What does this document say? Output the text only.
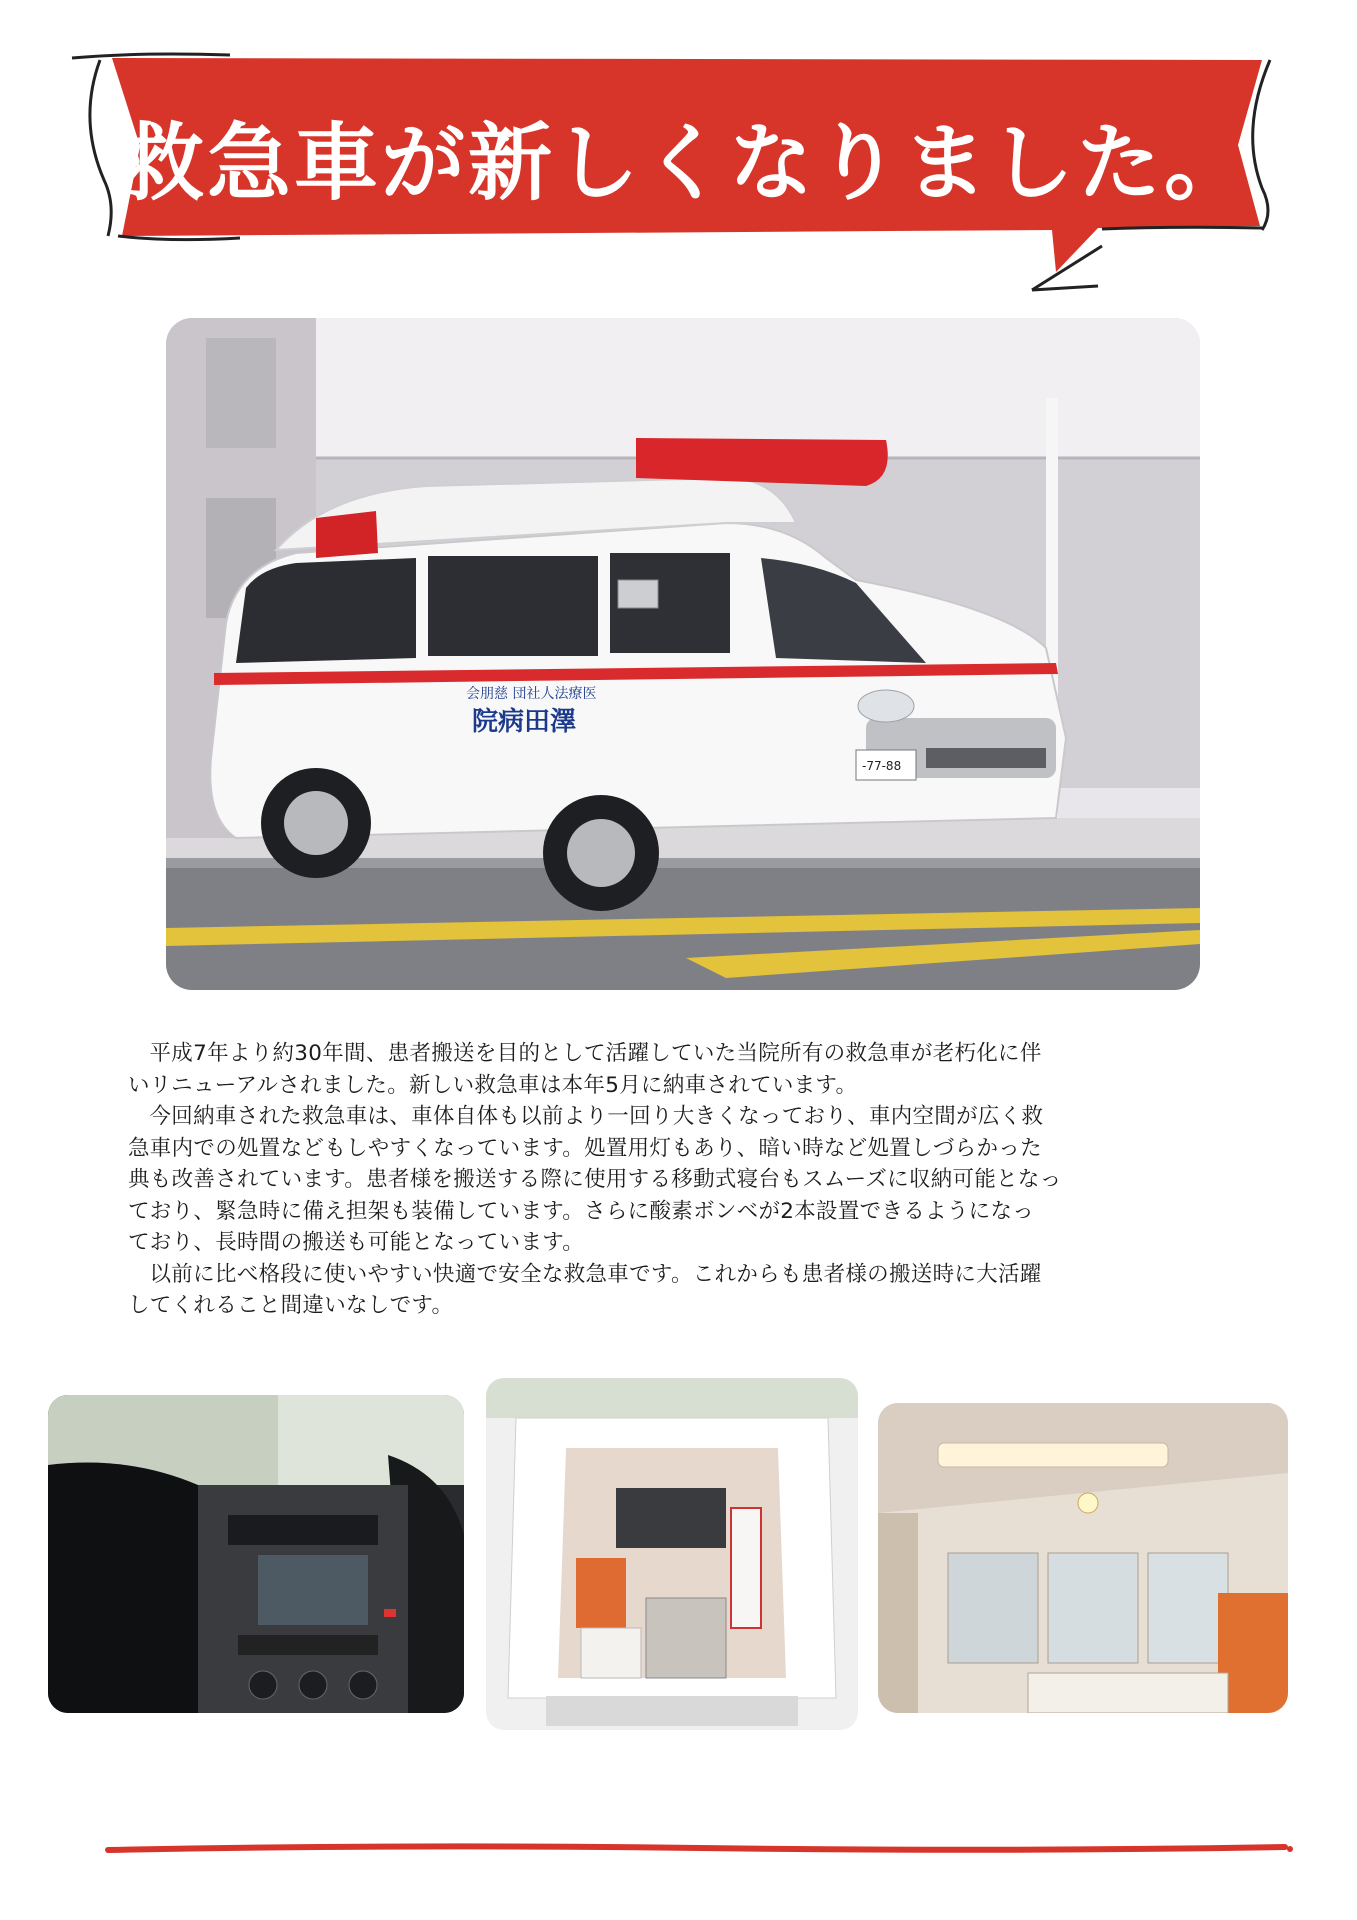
救急車が新しくなりました。
会朋慈 団社人法療医
院病田澤
-77-88

平成7年より約30年間、患者搬送を目的として活躍していた当院所有の救急車が老朽化に伴

いリニューアルされました。新しい救急車は本年5月に納車されています。

今回納車された救急車は、車体自体も以前より一回り大きくなっており、車内空間が広く救

急車内での処置などもしやすくなっています。処置用灯もあり、暗い時など処置しづらかった

典も改善されています。患者様を搬送する際に使用する移動式寝台もスムーズに収納可能となっ

ており、緊急時に備え担架も装備しています。さらに酸素ボンベが2本設置できるようになっ

ており、長時間の搬送も可能となっています。

以前に比べ格段に使いやすい快適で安全な救急車です。これからも患者様の搬送時に大活躍

してくれること間違いなしです。
